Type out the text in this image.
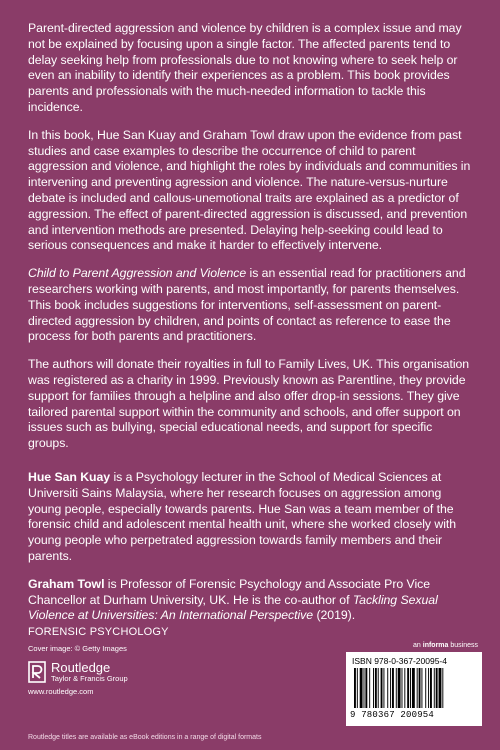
Parent-directed aggression and violence by children is a complex issue and may not be explained by focusing upon a single factor. The affected parents tend to delay seeking help from professionals due to not knowing where to seek help or even an inability to identify their experiences as a problem. This book provides parents and professionals with the much-needed information to tackle this incidence.

In this book, Hue San Kuay and Graham Towl draw upon the evidence from past studies and case examples to describe the occurrence of child to parent aggression and violence, and highlight the roles by individuals and communities in intervening and preventing agression and violence. The nature-versus-nurture debate is included and callous-unemotional traits are explained as a predictor of aggression. The effect of parent-directed aggression is discussed, and prevention and intervention methods are presented. Delaying help-seeking could lead to serious consequences and make it harder to effectively intervene.

Child to Parent Aggression and Violence is an essential read for practitioners and researchers working with parents, and most importantly, for parents themselves. This book includes suggestions for interventions, self-assessment on parent-directed aggression by children, and points of contact as reference to ease the process for both parents and practitioners.

The authors will donate their royalties in full to Family Lives, UK. This organisation was registered as a charity in 1999. Previously known as Parentline, they provide support for families through a helpline and also offer drop-in sessions. They give tailored parental support within the community and schools, and offer support on issues such as bullying, special educational needs, and support for specific groups.

Hue San Kuay is a Psychology lecturer in the School of Medical Sciences at Universiti Sains Malaysia, where her research focuses on aggression among young people, especially towards parents. Hue San was a team member of the forensic child and adolescent mental health unit, where she worked closely with young people who perpetrated aggression towards family members and their parents.

Graham Towl is Professor of Forensic Psychology and Associate Pro Vice Chancellor at Durham University, UK. He is the co-author of Tackling Sexual Violence at Universities: An International Perspective (2019).

FORENSIC PSYCHOLOGY
Cover image: © Getty Images
Routledge
Taylor & Francis Group
www.routledge.com
an informa business
ISBN 978-0-367-20095-4
9 780367 200954
Routledge titles are available as eBook editions in a range of digital formats
